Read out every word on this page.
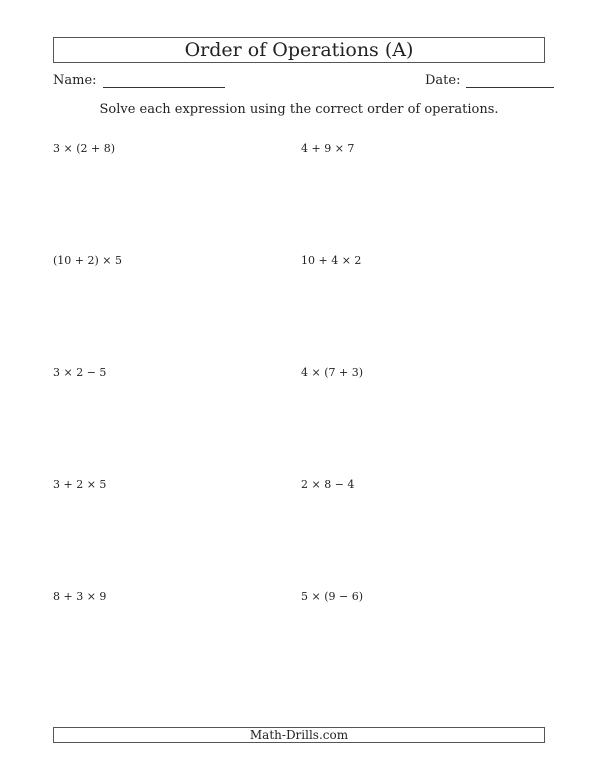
Order of Operations (A)
Name:	Date:
Solve each expression using the correct order of operations.
3 × (2 + 8)	4 + 9 × 7
(10 + 2) × 5	10 + 4 × 2
3 × 2 − 5	4 × (7 + 3)
3 + 2 × 5	2 × 8 − 4
8 + 3 × 9	5 × (9 − 6)
Math-Drills.com
